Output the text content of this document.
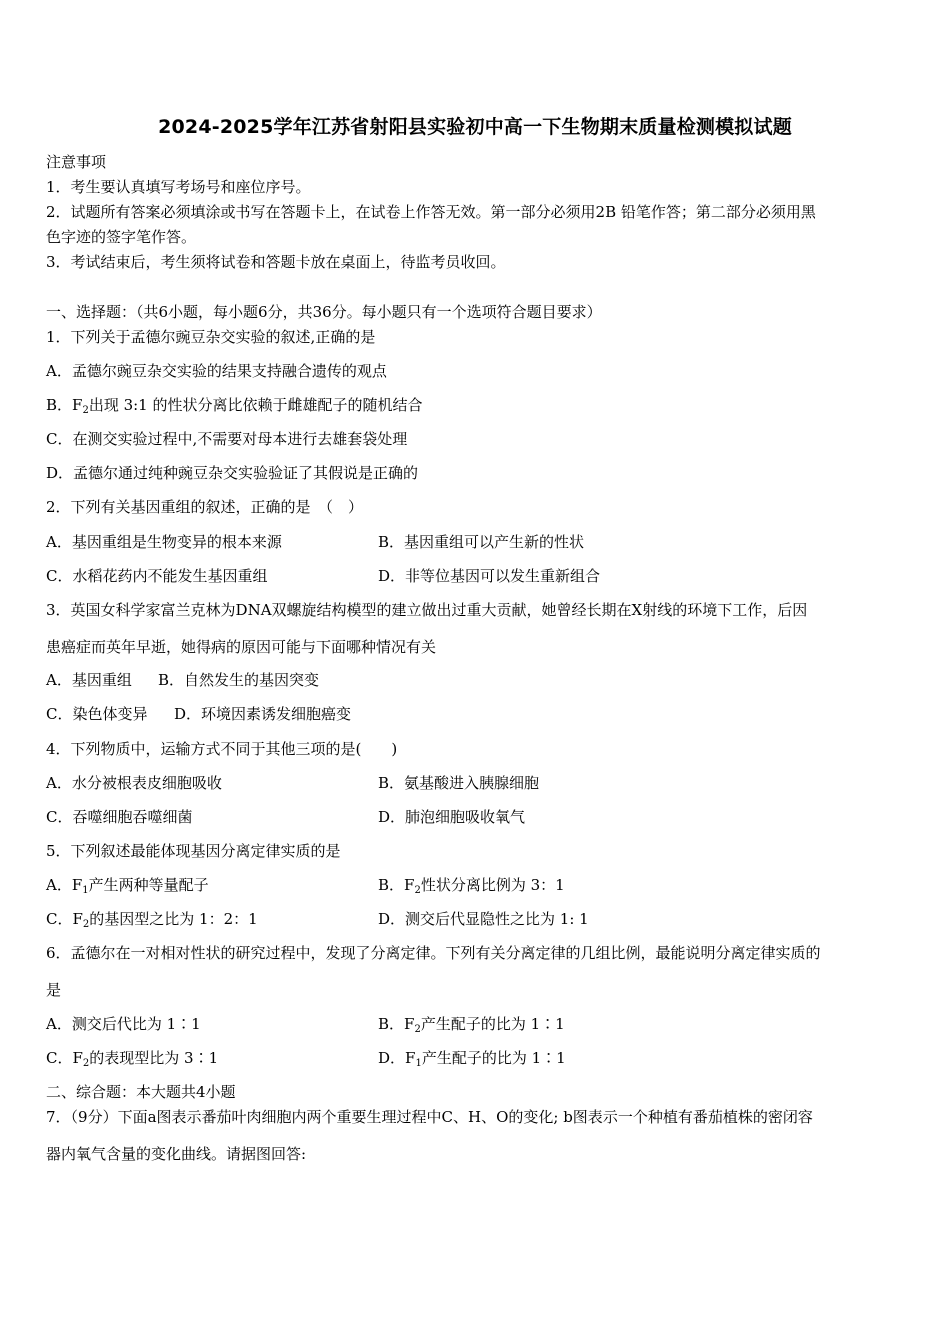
2024-2025学年江苏省射阳县实验初中高一下生物期末质量检测模拟试题
注意事项
1．考生要认真填写考场号和座位序号。
2．试题所有答案必须填涂或书写在答题卡上，在试卷上作答无效。第一部分必须用2B 铅笔作答；第二部分必须用黑
色字迹的签字笔作答。
3．考试结束后，考生须将试卷和答题卡放在桌面上，待监考员收回。
一、选择题：（共6小题，每小题6分，共36分。每小题只有一个选项符合题目要求）
1．下列关于孟德尔豌豆杂交实验的叙述,正确的是
A．孟德尔豌豆杂交实验的结果支持融合遗传的观点
B．$F_2$出现 3:1 的性状分离比依赖于雌雄配子的随机结合
C．在测交实验过程中,不需要对母本进行去雄套袋处理
D．孟德尔通过纯种豌豆杂交实验验证了其假说是正确的
2．下列有关基因重组的叙述，正确的是　（　）
A．基因重组是生物变异的根本来源	B．基因重组可以产生新的性状
C．水稻花药内不能发生基因重组	D．非等位基因可以发生重新组合
3．英国女科学家富兰克林为DNA双螺旋结构模型的建立做出过重大贡献，她曾经长期在X射线的环境下工作，后因
患癌症而英年早逝，她得病的原因可能与下面哪种情况有关
A．基因重组 B．自然发生的基因突变
C．染色体变异 D．环境因素诱发细胞癌变
4．下列物质中，运输方式不同于其他三项的是(　　)
A．水分被根表皮细胞吸收	B．氨基酸进入胰腺细胞
C．吞噬细胞吞噬细菌	D．肺泡细胞吸收氧气
5．下列叙述最能体现基因分离定律实质的是
A．$F_1$产生两种等量配子	B．$F_2$性状分离比例为 3：1
C．$F_2$的基因型之比为 1：2：1	D．测交后代显隐性之比为 1: 1
6．孟德尔在一对相对性状的研究过程中，发现了分离定律。下列有关分离定律的几组比例，最能说明分离定律实质的
是
A．测交后代比为 1∶1	B．$F_2$产生配子的比为 1∶1
C．$F_2$的表现型比为 3∶1	D．$F_1$产生配子的比为 1∶1
二、综合题：本大题共4小题
7．（9分）下面a图表示番茄叶肉细胞内两个重要生理过程中C、H、O的变化; b图表示一个种植有番茄植株的密闭容
器内氧气含量的变化曲线。请据图回答:
